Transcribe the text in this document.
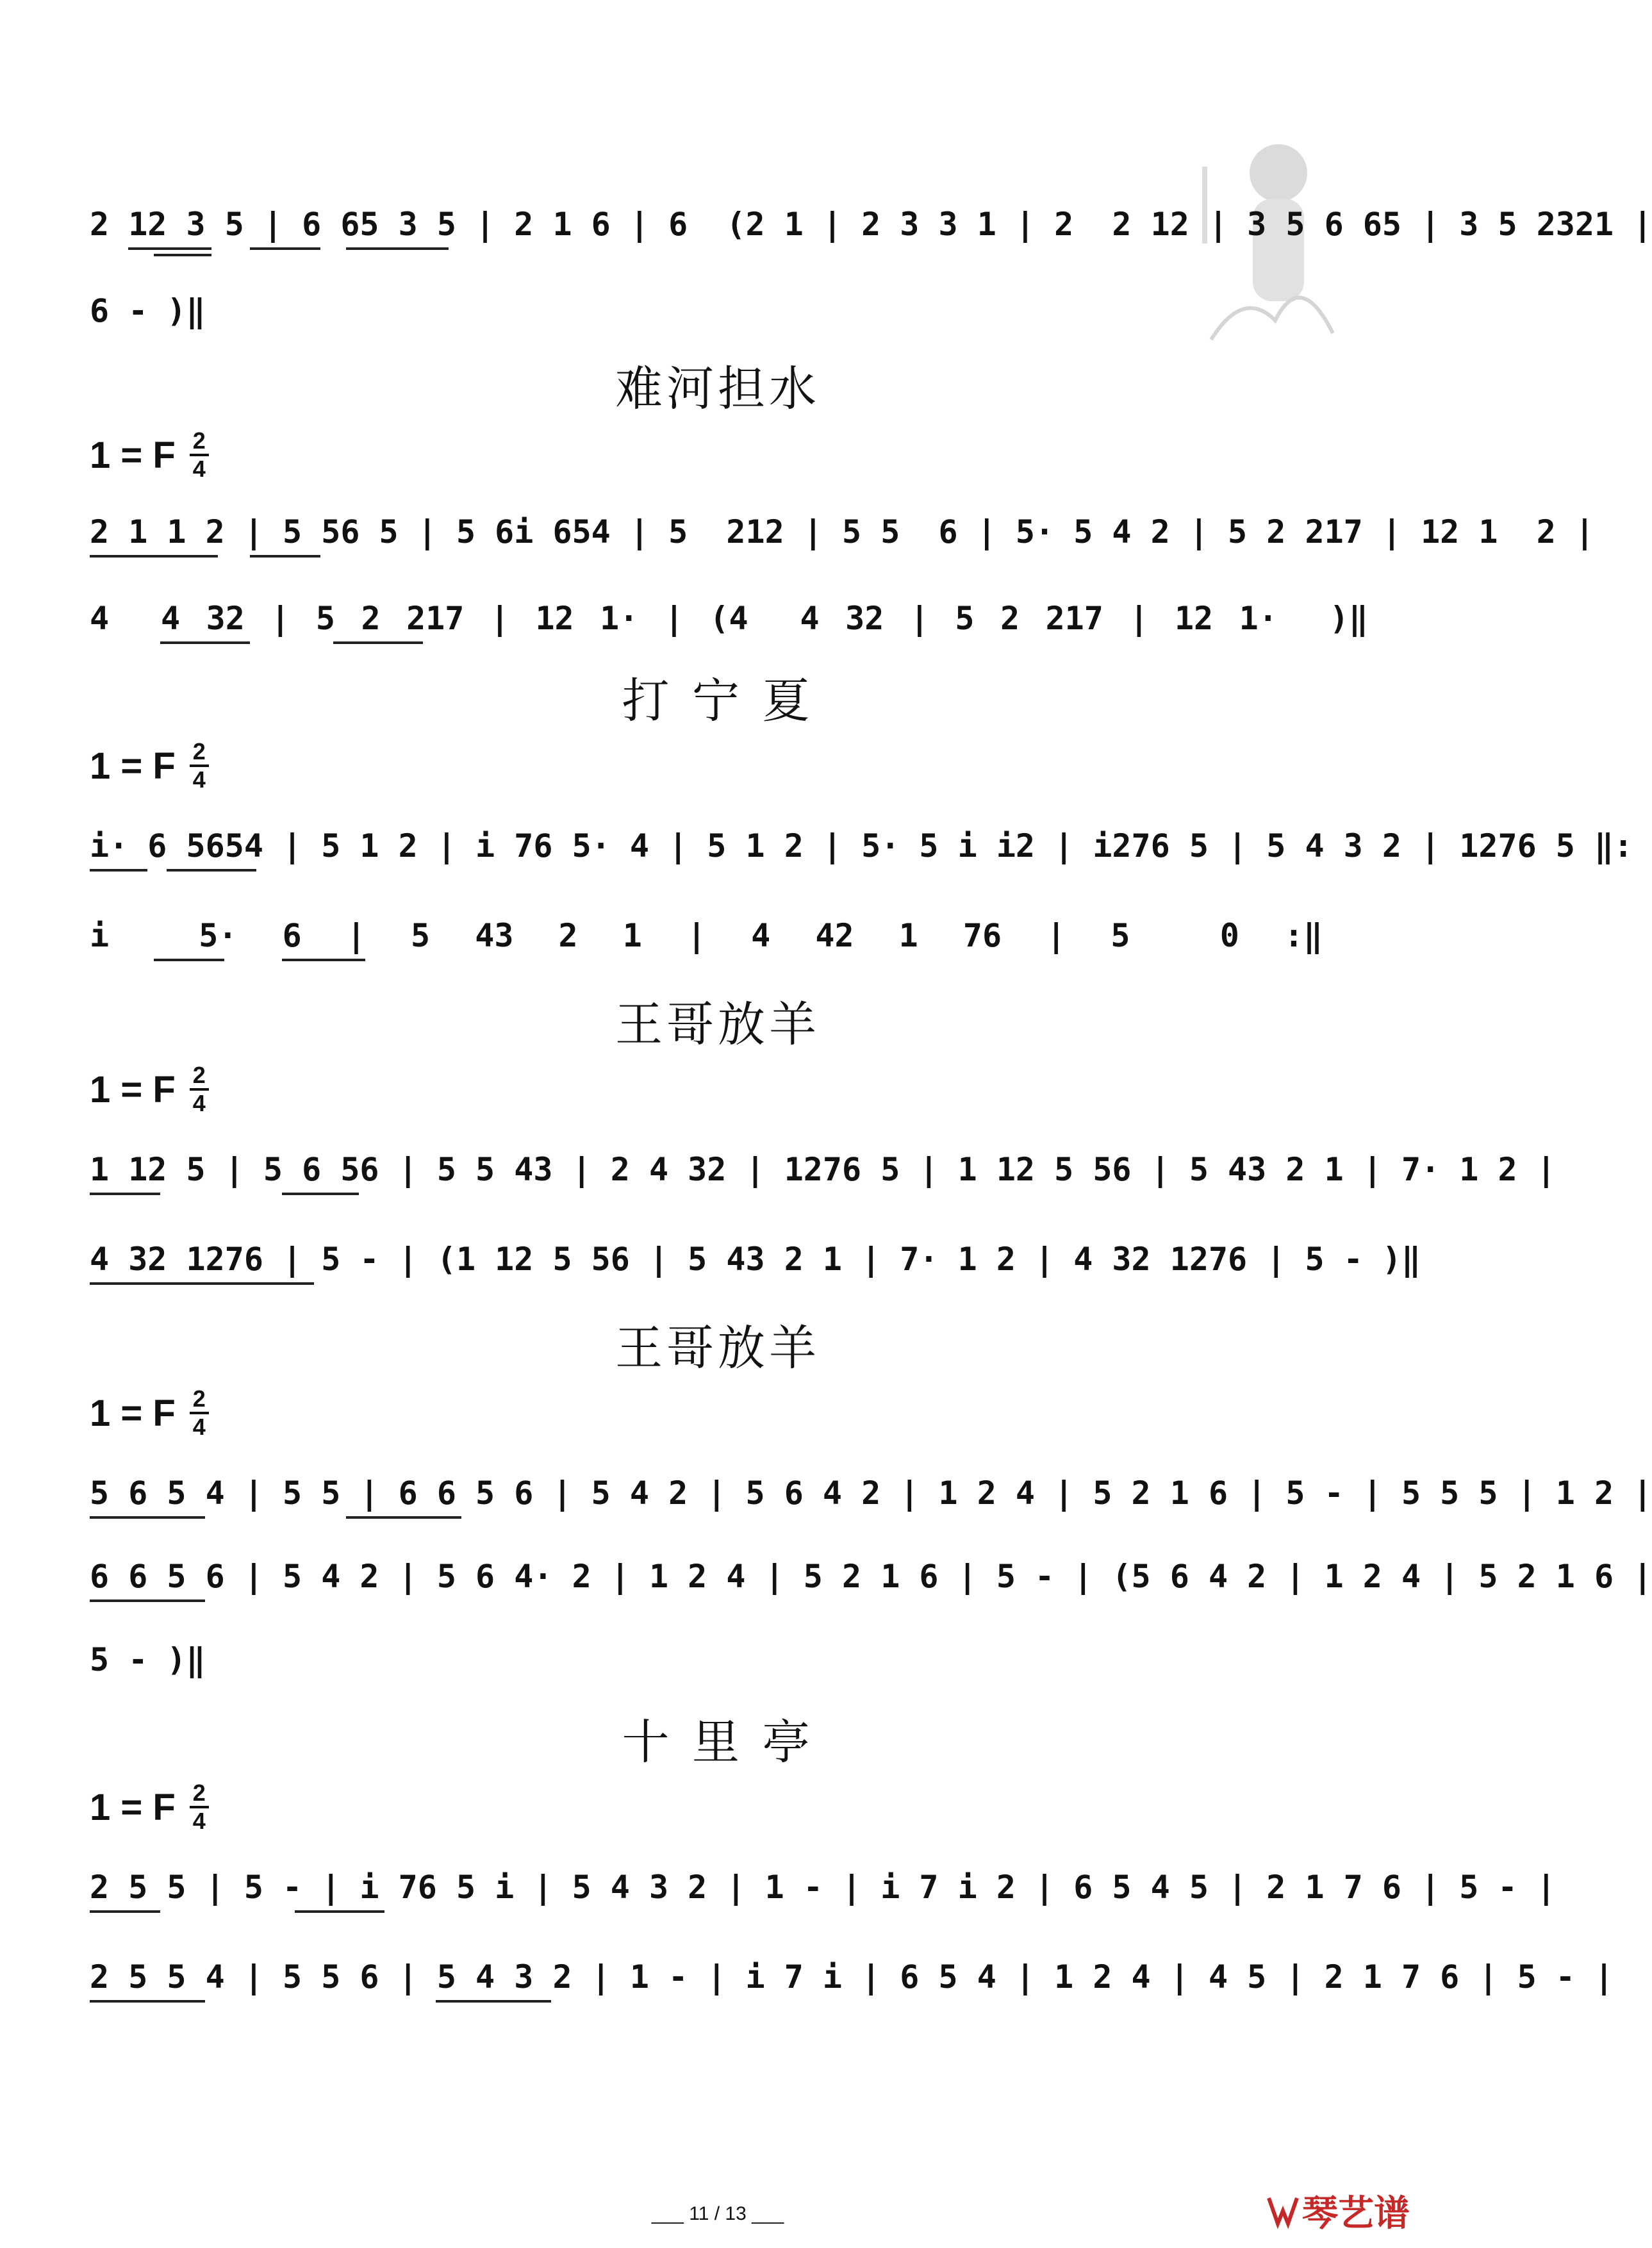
2 12 3 5 | 6 65 3 5 | 2 1 6 | 6  (2 1 | 2 3 3 1 | 2  2 12 | 3 5 6 65 | 3 5 2321 |
6 - )‖
难河担水
1 = F $\frac{2}{4}$
2 1 1 2 | 5 56 5 | 5 6i 654 | 5  212 | 5 5  6 | 5· 5 4 2 | 5 2 217 | 12 1  2 |
4  4 32 | 5 2 217 | 12 1· | (4  4 32 | 5 2 217 | 12 1·  )‖
打 宁 夏
1 = F $\frac{2}{4}$
i· 6 5654 | 5 1 2 | i 76 5· 4 | 5 1 2 | 5· 5 i i2 | i276 5 | 5 4 3 2 | 1276 5 ‖:
i  5· 6 | 5 43 2 1 | 4 42 1 76 | 5  0 :‖
王哥放羊
1 = F $\frac{2}{4}$
1 12 5 | 5 6 56 | 5 5 43 | 2 4 32 | 1276 5 | 1 12 5 56 | 5 43 2 1 | 7· 1 2 |
4 32 1276 | 5 - | (1 12 5 56 | 5 43 2 1 | 7· 1 2 | 4 32 1276 | 5 - )‖
王哥放羊
1 = F $\frac{2}{4}$
5 6 5 4 | 5 5 | 6 6 5 6 | 5 4 2 | 5 6 4 2 | 1 2 4 | 5 2 1 6 | 5 - | 5 5 5 | 1 2 |
6 6 5 6 | 5 4 2 | 5 6 4· 2 | 1 2 4 | 5 2 1 6 | 5 - | (5 6 4 2 | 1 2 4 | 5 2 1 6 |
5 - )‖
十 里 亭
1 = F $\frac{2}{4}$
2 5 5 | 5 - | i 76 5 i | 5 4 3 2 | 1 - | i 7 i 2 | 6 5 4 5 | 2 1 7 6 | 5 - |
2 5 5 4 | 5 5 6 | 5 4 3 2 | 1 - | i 7 i | 6 5 4 | 1 2 4 | 4 5 | 2 1 7 6 | 5 - |
___ 11 / 13 ___	琴艺谱
